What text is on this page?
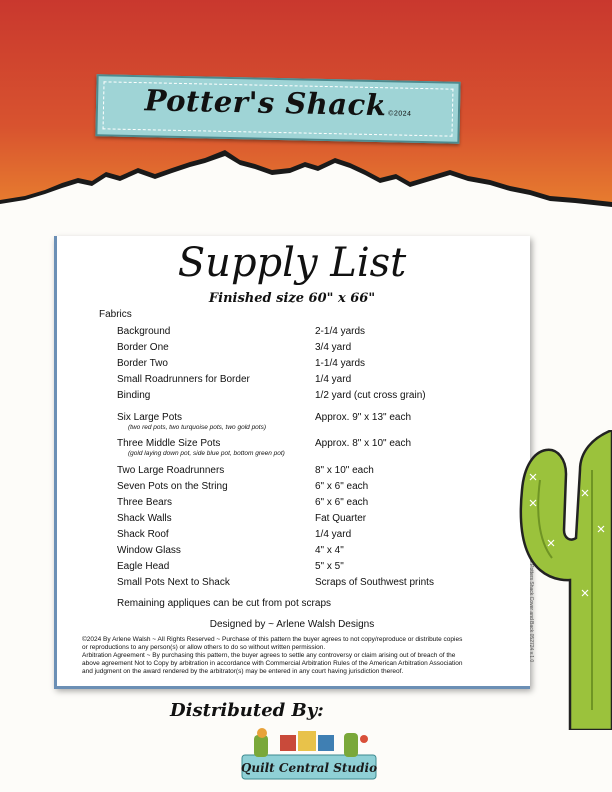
Potter's Shack©2024
Supply List
Finished size 60" x 66"
Fabrics
Background	2-1/4 yards
Border One	3/4 yard
Border Two	1-1/4 yards
Small Roadrunners for Border	1/4 yard
Binding	1/2 yard (cut cross grain)
Six Large Pots	Approx. 9" x 13" each
(two red pots, two turquoise pots, two gold pots)
Three Middle Size Pots	Approx. 8" x 10" each
(gold laying down pot, side blue pot, bottom green pot)
Two Large Roadrunners	8" x 10" each
Seven Pots on the String	6" x 6" each
Three Bears	6" x 6" each
Shack Walls	Fat Quarter
Shack Roof	1/4 yard
Window Glass	4" x 4"
Eagle Head	5" x 5"
Small Pots Next to Shack	Scraps of Southwest prints
Remaining appliques can be cut from pot scraps
Designed by ~ Arlene Walsh Designs
©2024 By Arlene Walsh ~ All Rights Reserved ~ Purchase of this pattern the buyer agrees to not copy/reproduce or distribute copies
or reproductions to any person(s) or allow others to do so without written permission.
Arbitration Agreement ~ By purchasing this pattern, the buyer agrees to settle any controversy or claim arising out of breach of the
above agreement Not to Copy by arbitration in accordance with Commercial Arbitration Rules of the American Arbitration Association
and judgment on the award rendered by the arbitrator(s) may be entered in any court having jurisdiction thereof.
# Potters Shack Cover and Back 052724 v.1.0
Distributed By:
Quilt Central Studio
